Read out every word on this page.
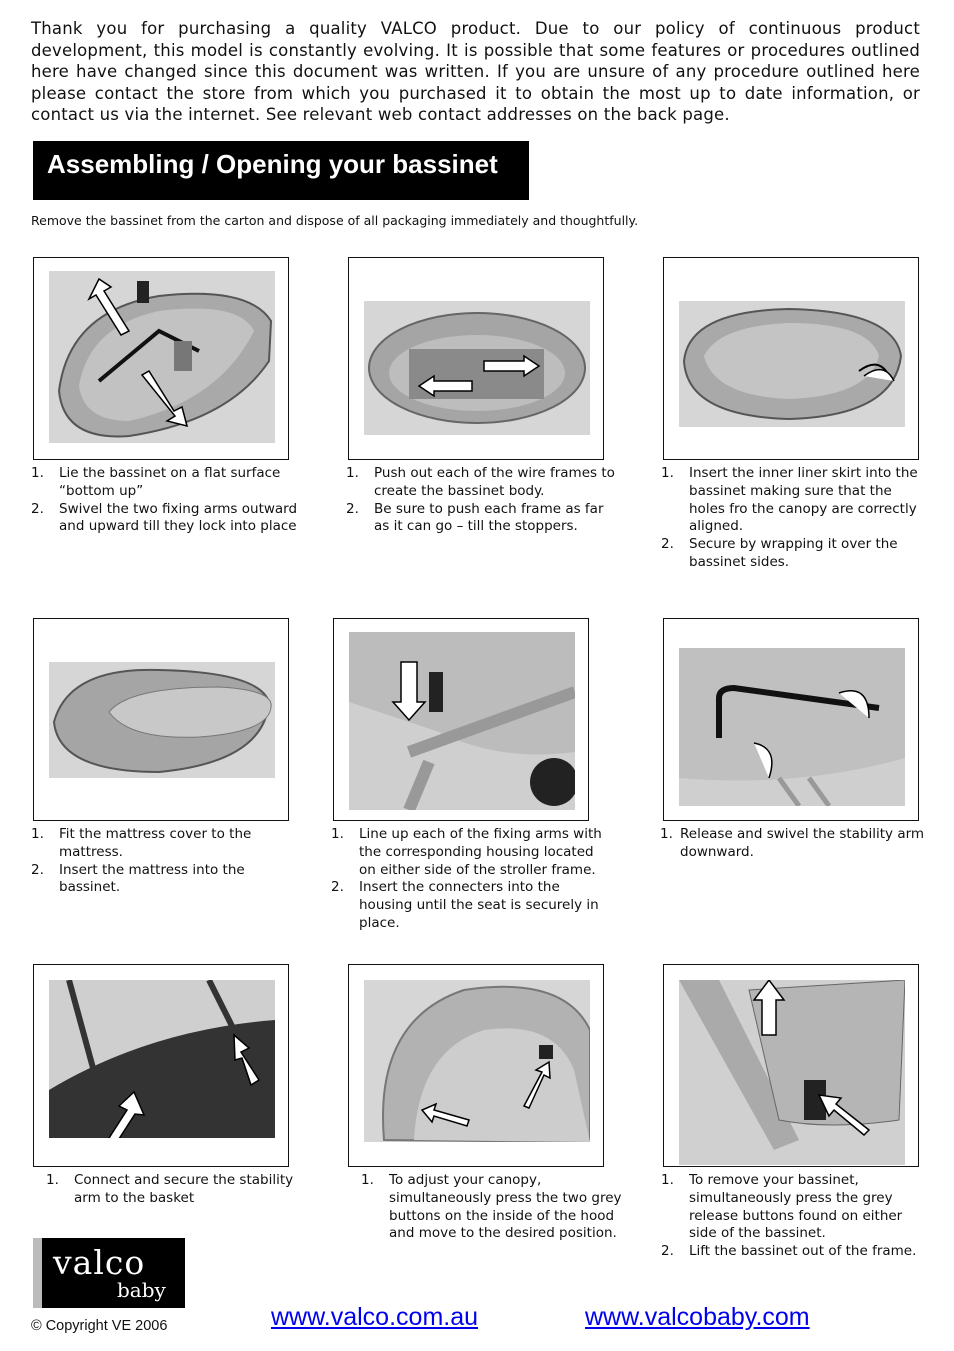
Thank you for purchasing a quality VALCO product. Due to our policy of continuous product development, this model is constantly evolving. It is possible that some features or procedures outlined here have changed since this document was written. If you are unsure of any procedure outlined here please contact the store from which you purchased it to obtain the most up to date information, or contact us via the internet. See relevant web contact addresses on the back page.
Assembling / Opening your bassinet
Remove the bassinet from the carton and dispose of all packaging immediately and thoughtfully.
1. Lie the bassinet on a flat surface “bottom up”
2. Swivel the two fixing arms outward and upward till they lock into place
1. Push out each of the wire frames to create the bassinet body.
2. Be sure to push each frame as far as it can go – till the stoppers.
1. Insert the inner liner skirt into the bassinet making sure that the holes fro the canopy are correctly aligned.
2. Secure by wrapping it over the bassinet sides.
1. Fit the mattress cover to the mattress.
2. Insert the mattress into the bassinet.
1. Line up each of the fixing arms with the corresponding housing located on either side of the stroller frame.
2. Insert the connecters into the housing until the seat is securely in place.
1. Release and swivel the stability arm downward.
1. Connect and secure the stability arm to the basket
1. To adjust your canopy, simultaneously press the two grey buttons on the inside of the hood and move to the desired position.
1. To remove your bassinet, simultaneously press the grey release buttons found on either side of the bassinet.
2. Lift the bassinet out of the frame.
valco
baby
© Copyright VE 2006	www.valco.com.au	www.valcobaby.com
